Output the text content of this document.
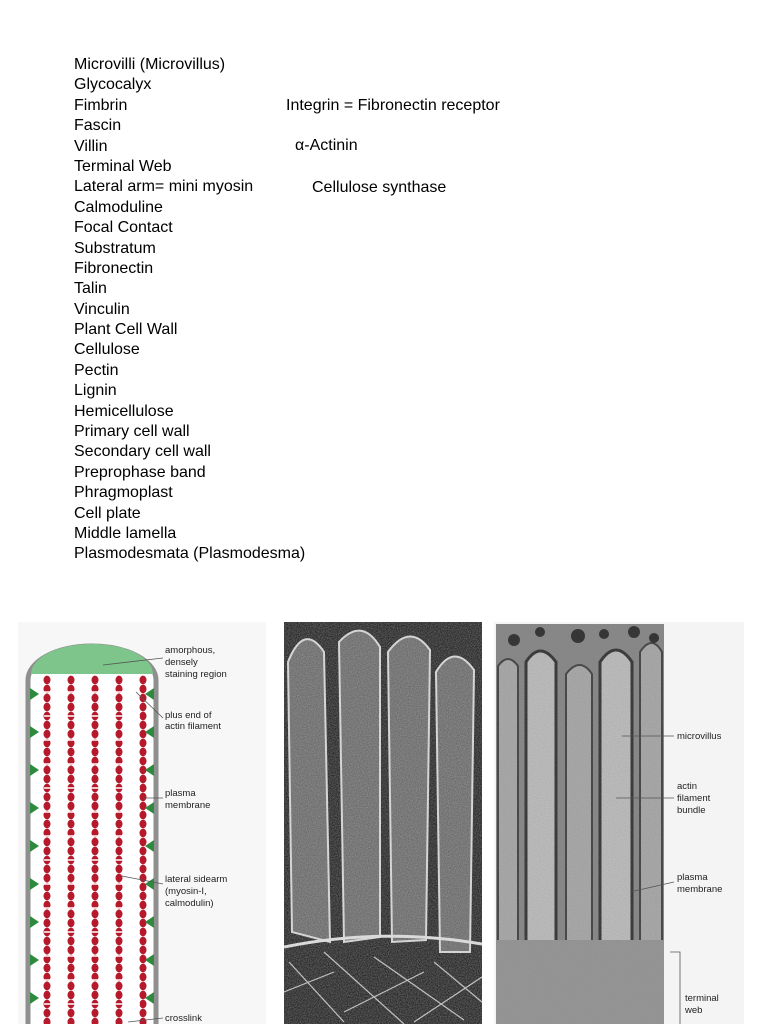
Microvilli (Microvillus)
Glycocalyx
Fimbrin
Fascin
Villin
Terminal Web
Lateral arm= mini myosin
Calmoduline
Focal Contact
Substratum
Fibronectin
Talin
Vinculin
Plant Cell Wall
Cellulose
Pectin
Lignin
Hemicellulose
Primary cell wall
Secondary cell wall
Preprophase band
Phragmoplast
Cell plate
Middle lamella
Plasmodesmata (Plasmodesma)
Integrin = Fibronectin receptor
α-Actinin
Cellulose synthase
amorphous,
densely
staining region
plus end of
actin filament
plasma
membrane
lateral sidearm
(myosin-I,
calmodulin)
crosslink
microvillus
actin
filament
bundle
plasma
membrane
terminal
web
